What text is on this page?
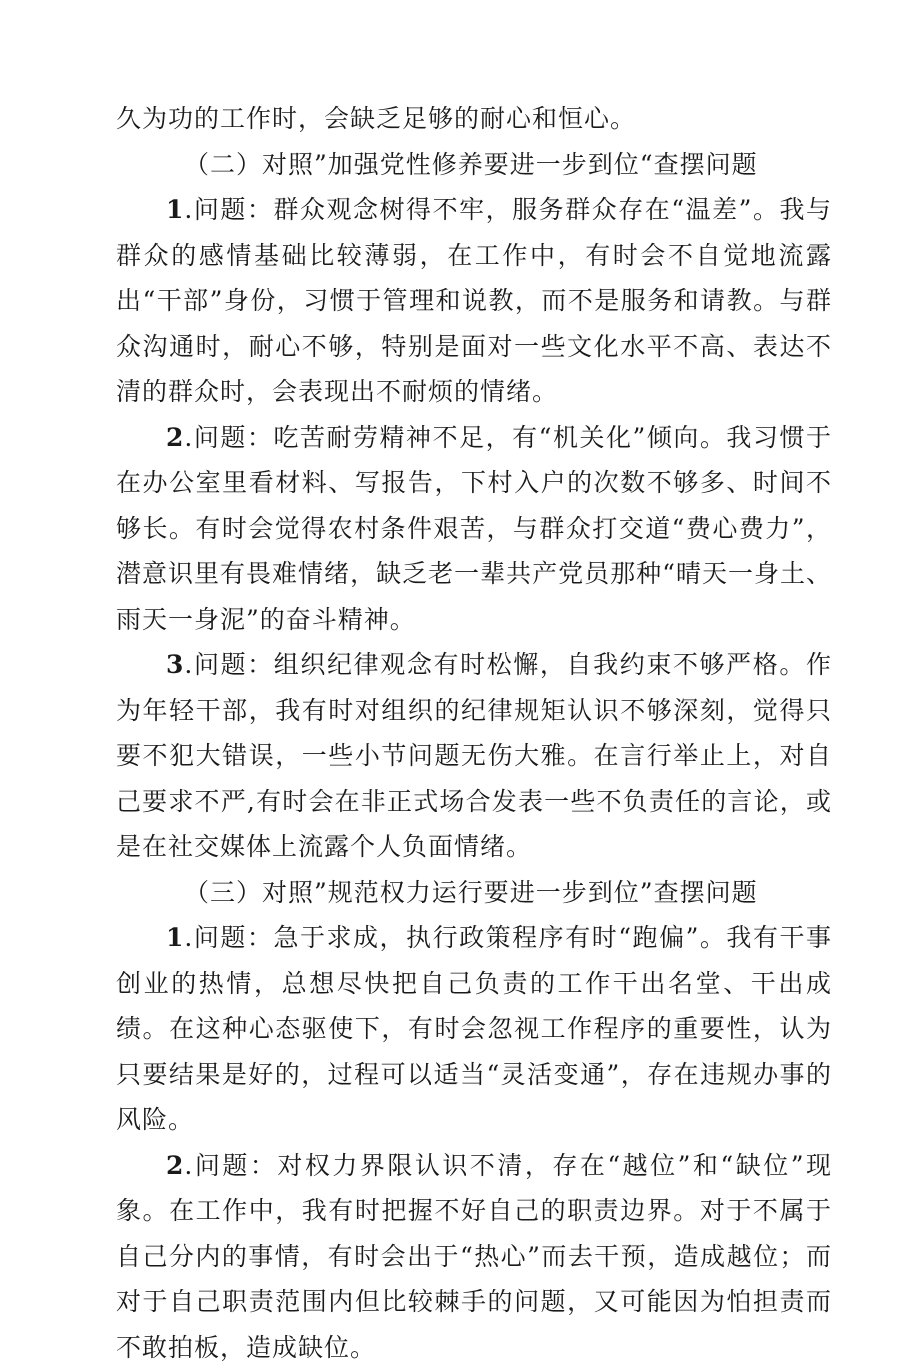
久为功的工作时，会缺乏足够的耐心和恒心。

（二）对照”加强党性修养要进一步到位“查摆问题

1.问题：群众观念树得不牢，服务群众存在“温差”。我与群众的感情基础比较薄弱，在工作中，有时会不自觉地流露出“干部”身份，习惯于管理和说教，而不是服务和请教。与群众沟通时，耐心不够，特别是面对一些文化水平不高、表达不清的群众时，会表现出不耐烦的情绪。

2.问题：吃苦耐劳精神不足，有“机关化”倾向。我习惯于在办公室里看材料、写报告，下村入户的次数不够多、时间不够长。有时会觉得农村条件艰苦，与群众打交道“费心费力”，潜意识里有畏难情绪，缺乏老一辈共产党员那种“晴天一身土、雨天一身泥”的奋斗精神。

3.问题：组织纪律观念有时松懈，自我约束不够严格。作为年轻干部，我有时对组织的纪律规矩认识不够深刻，觉得只要不犯大错误，一些小节问题无伤大雅。在言行举止上，对自己要求不严,有时会在非正式场合发表一些不负责任的言论，或是在社交媒体上流露个人负面情绪。

（三）对照”规范权力运行要进一步到位”查摆问题

1.问题：急于求成，执行政策程序有时“跑偏”。我有干事创业的热情，总想尽快把自己负责的工作干出名堂、干出成绩。在这种心态驱使下，有时会忽视工作程序的重要性，认为只要结果是好的，过程可以适当“灵活变通”，存在违规办事的风险。

2.问题：对权力界限认识不清，存在“越位”和“缺位”现象。在工作中，我有时把握不好自己的职责边界。对于不属于自己分内的事情，有时会出于“热心”而去干预，造成越位；而对于自己职责范围内但比较棘手的问题，又可能因为怕担责而不敢拍板，造成缺位。
